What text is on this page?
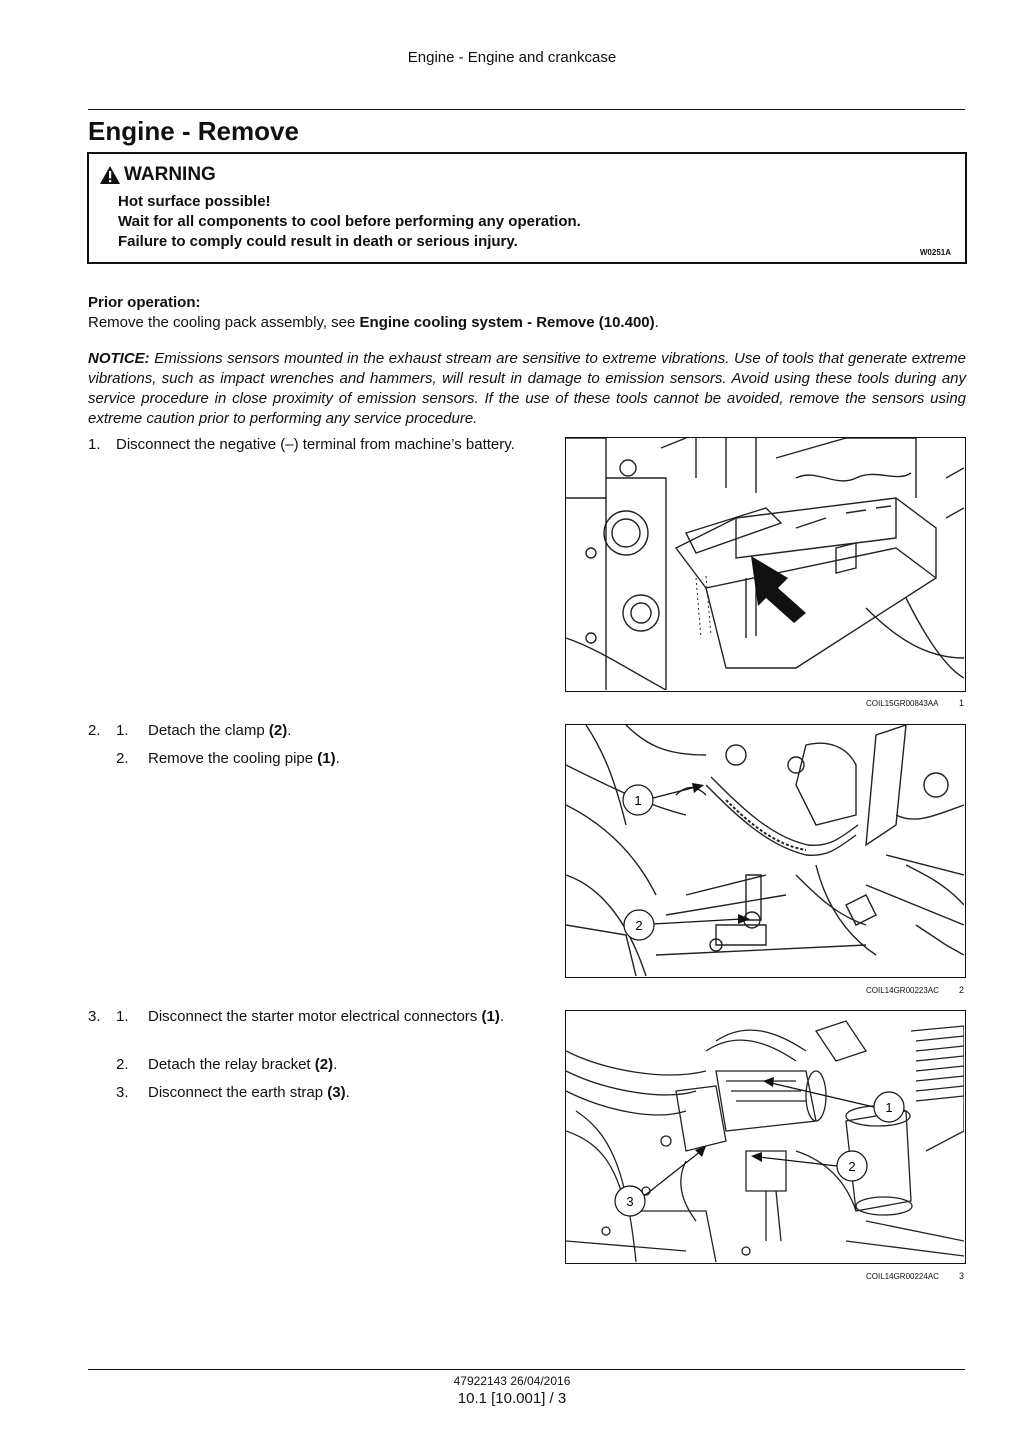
Engine - Engine and crankcase
Engine - Remove
WARNING
Hot surface possible!
Wait for all components to cool before performing any operation.
Failure to comply could result in death or serious injury.
W0251A
Prior operation:
Remove the cooling pack assembly, see Engine cooling system - Remove (10.400).
NOTICE: Emissions sensors mounted in the exhaust stream are sensitive to extreme vibrations. Use of tools that generate extreme vibrations, such as impact wrenches and hammers, will result in damage to emission sensors. Avoid using these tools during any service procedure in close proximity of emission sensors. If the use of these tools cannot be avoided, remove the sensors using extreme caution prior to performing any service procedure.
1. Disconnect the negative (–) terminal from machine’s battery.
COIL15GR00843AA 1
2. 1. Detach the clamp (2).
2. Remove the cooling pipe (1).
1
2
COIL14GR00223AC 2
3. 1. Disconnect the starter motor electrical connectors (1).
2. Detach the relay bracket (2).
3. Disconnect the earth strap (3).
1
2
3
COIL14GR00224AC 3
47922143 26/04/2016
10.1 [10.001] / 3
